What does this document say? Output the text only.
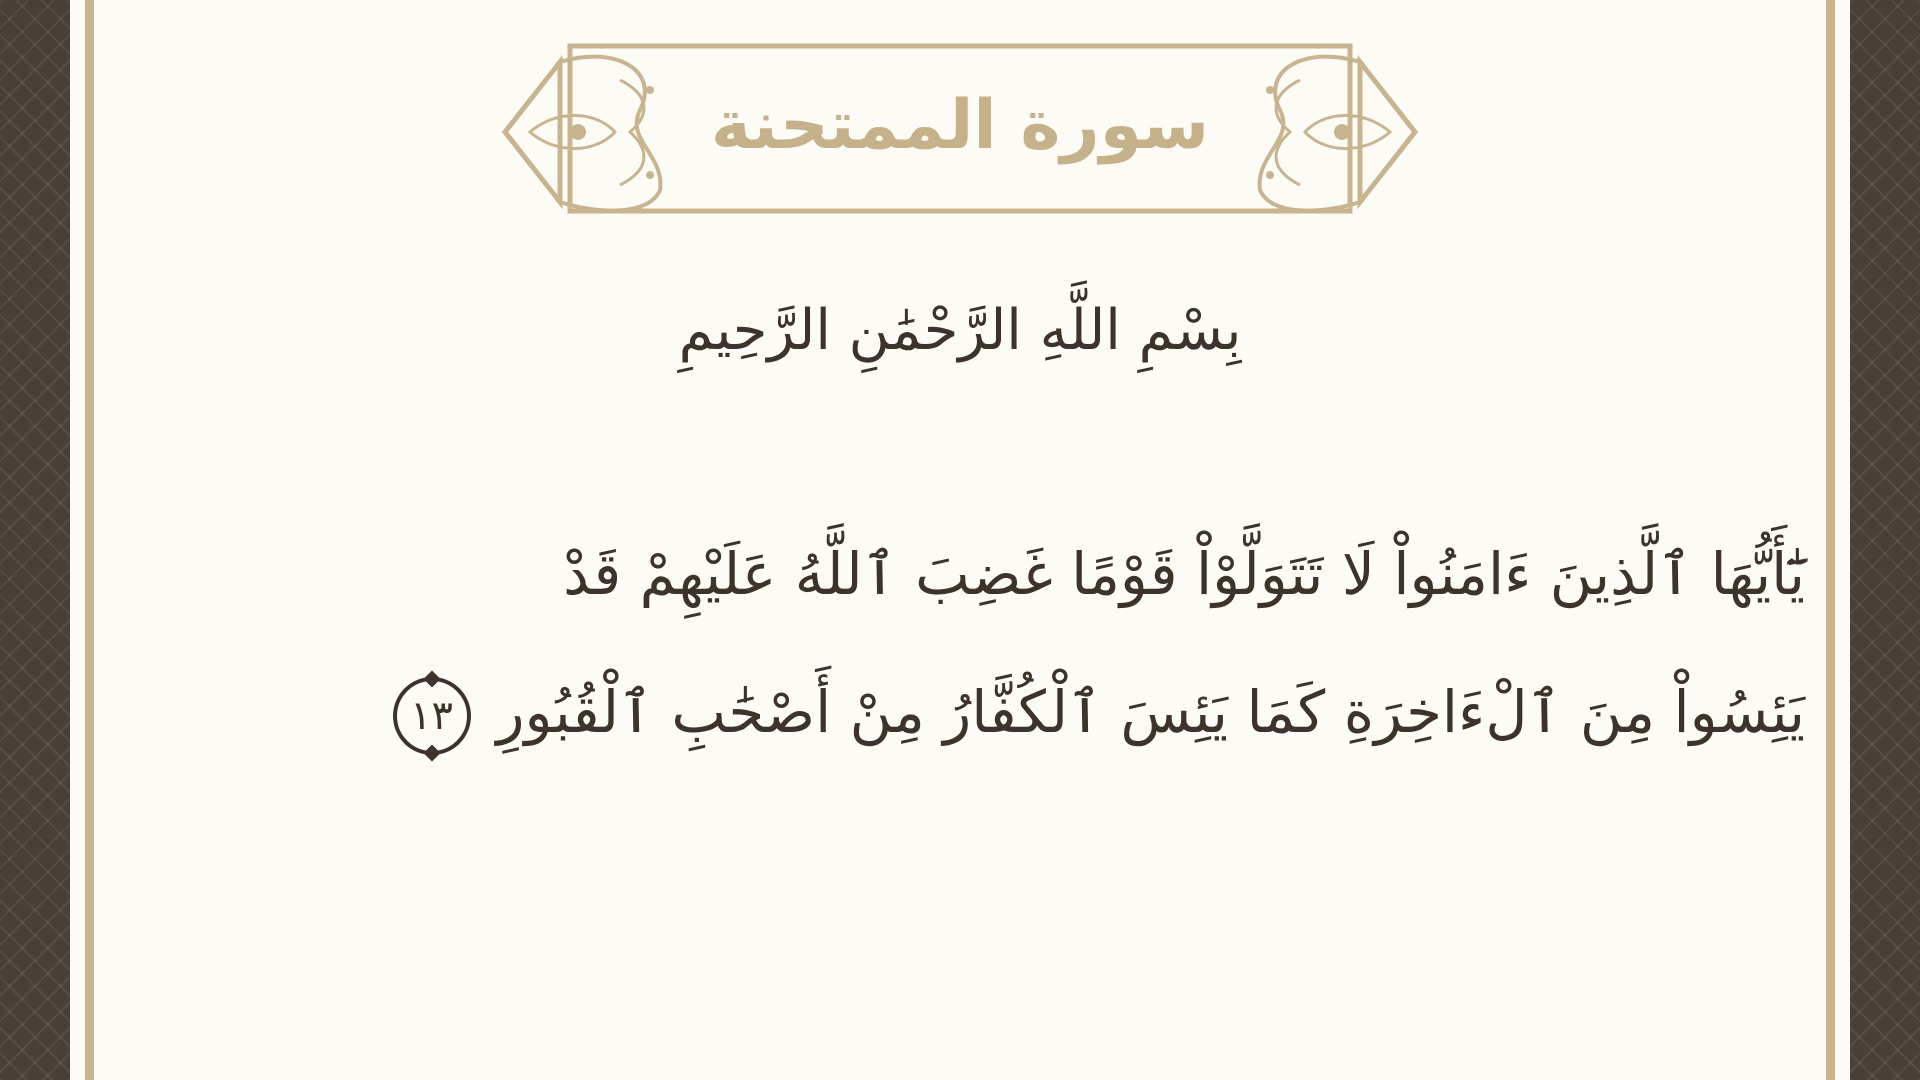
سورة الممتحنة
بِسْمِ اللَّهِ الرَّحْمَٰنِ الرَّحِيمِ
يَٰٓأَيُّهَا ٱلَّذِينَ ءَامَنُواْ لَا تَتَوَلَّوْاْ قَوْمًا غَضِبَ ٱللَّهُ عَلَيْهِمْ قَدْ
يَئِسُواْ مِنَ ٱلْءَاخِرَةِ كَمَا يَئِسَ ٱلْكُفَّارُ مِنْ أَصْحَٰبِ ٱلْقُبُورِ١٣
